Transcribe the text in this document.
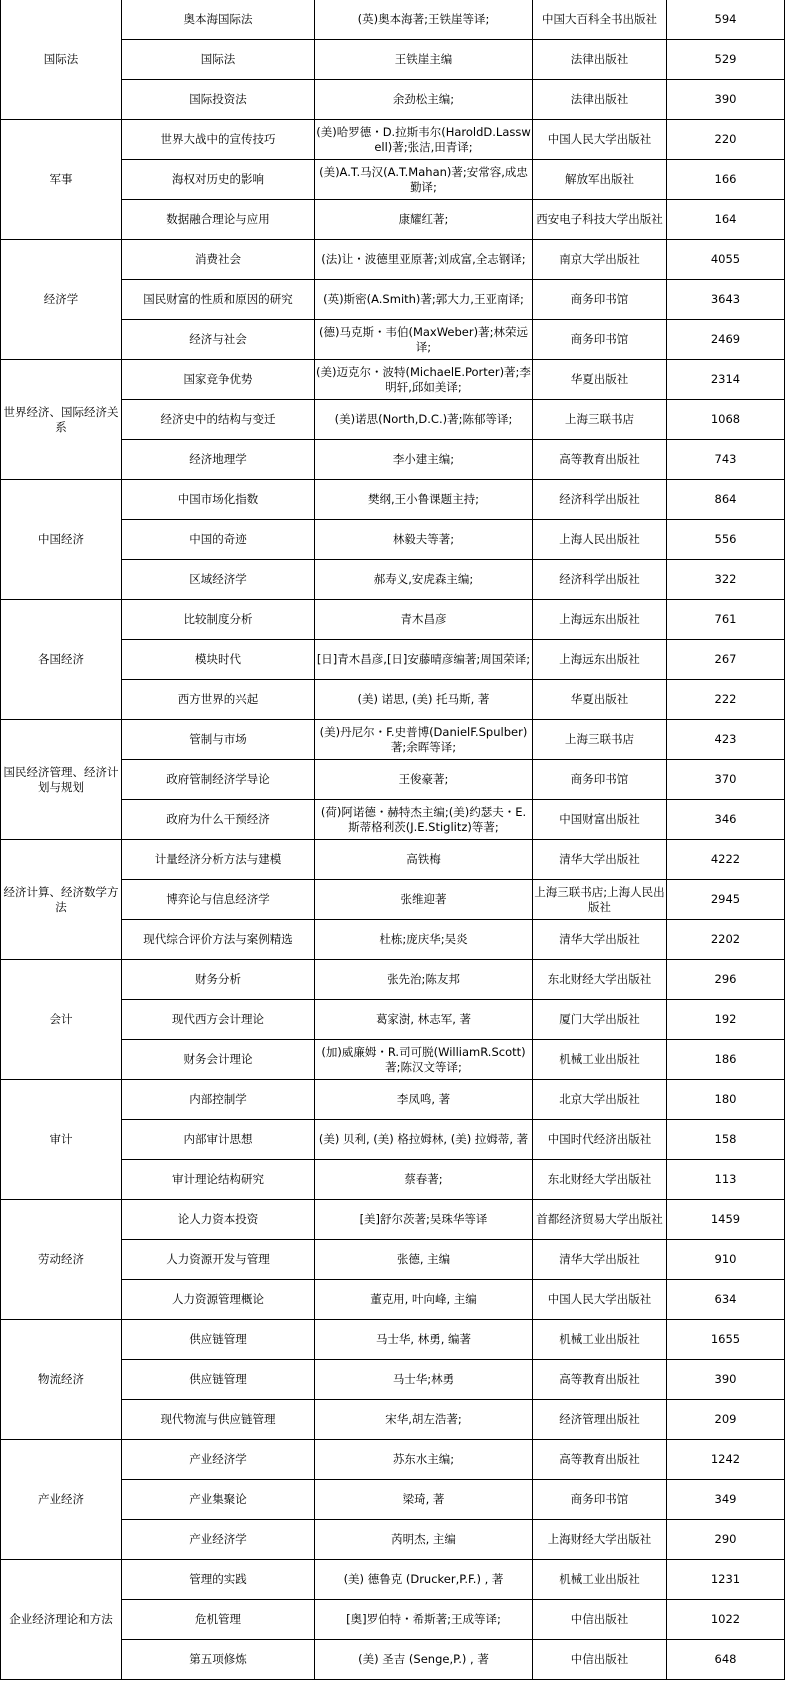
国际法	奥本海国际法	(英)奥本海著;王铁崖等译;	中国大百科全书出版社	594
	国际法	王铁崖主编	法律出版社	529
	国际投资法	余劲松主编;	法律出版社	390
军事	世界大战中的宣传技巧	(美)哈罗德・D.拉斯韦尔(HaroldD.Lasswell)著;张洁,田青译;	中国人民大学出版社	220
	海权对历史的影响	(美)A.T.马汉(A.T.Mahan)著;安常容,成忠勤译;	解放军出版社	166
	数据融合理论与应用	康耀红著;	西安电子科技大学出版社	164
经济学	消费社会	(法)让・波德里亚原著;刘成富,全志钢译;	南京大学出版社	4055
	国民财富的性质和原因的研究	(英)斯密(A.Smith)著;郭大力,王亚南译;	商务印书馆	3643
	经济与社会	(德)马克斯・韦伯(MaxWeber)著;林荣远译;	商务印书馆	2469
世界经济、国际经济关系	国家竞争优势	(美)迈克尔・波特(MichaelE.Porter)著;李明轩,邱如美译;	华夏出版社	2314
	经济史中的结构与变迁	(美)诺思(North,D.C.)著;陈郁等译;	上海三联书店	1068
	经济地理学	李小建主编;	高等教育出版社	743
中国经济	中国市场化指数	樊纲,王小鲁课题主持;	经济科学出版社	864
	中国的奇迹	林毅夫等著;	上海人民出版社	556
	区域经济学	郝寿义,安虎森主编;	经济科学出版社	322
各国经济	比较制度分析	青木昌彦	上海远东出版社	761
	模块时代	[日]青木昌彦,[日]安藤晴彦编著;周国荣译;	上海远东出版社	267
	西方世界的兴起	(美) 诺思, (美) 托马斯, 著	华夏出版社	222
国民经济管理、经济计划与规划	管制与市场	(美)丹尼尔・F.史普博(DanielF.Spulber)著;余晖等译;	上海三联书店	423
	政府管制经济学导论	王俊豪著;	商务印书馆	370
	政府为什么干预经济	(荷)阿诺德・赫特杰主编;(美)约瑟夫・E.斯蒂格利茨(J.E.Stiglitz)等著;	中国财富出版社	346
经济计算、经济数学方法	计量经济分析方法与建模	高铁梅	清华大学出版社	4222
	博弈论与信息经济学	张维迎著	上海三联书店;上海人民出版社	2945
	现代综合评价方法与案例精选	杜栋;庞庆华;吴炎	清华大学出版社	2202
会计	财务分析	张先治;陈友邦	东北财经大学出版社	296
	现代西方会计理论	葛家澍, 林志军, 著	厦门大学出版社	192
	财务会计理论	(加)威廉姆・R.司可脱(WilliamR.Scott)著;陈汉文等译;	机械工业出版社	186
审计	内部控制学	李凤鸣, 著	北京大学出版社	180
	内部审计思想	(美) 贝利, (美) 格拉姆林, (美) 拉姆蒂, 著	中国时代经济出版社	158
	审计理论结构研究	蔡春著;	东北财经大学出版社	113
劳动经济	论人力资本投资	[美]舒尔茨著;吴珠华等译	首都经济贸易大学出版社	1459
	人力资源开发与管理	张德, 主编	清华大学出版社	910
	人力资源管理概论	董克用, 叶向峰, 主编	中国人民大学出版社	634
物流经济	供应链管理	马士华, 林勇, 编著	机械工业出版社	1655
	供应链管理	马士华;林勇	高等教育出版社	390
	现代物流与供应链管理	宋华,胡左浩著;	经济管理出版社	209
产业经济	产业经济学	苏东水主编;	高等教育出版社	1242
	产业集聚论	梁琦, 著	商务印书馆	349
	产业经济学	芮明杰, 主编	上海财经大学出版社	290
企业经济理论和方法	管理的实践	(美) 德鲁克 (Drucker,P.F.) , 著	机械工业出版社	1231
	危机管理	[奥]罗伯特・希斯著;王成等译;	中信出版社	1022
	第五项修炼	(美) 圣吉 (Senge,P.) , 著	中信出版社	648
